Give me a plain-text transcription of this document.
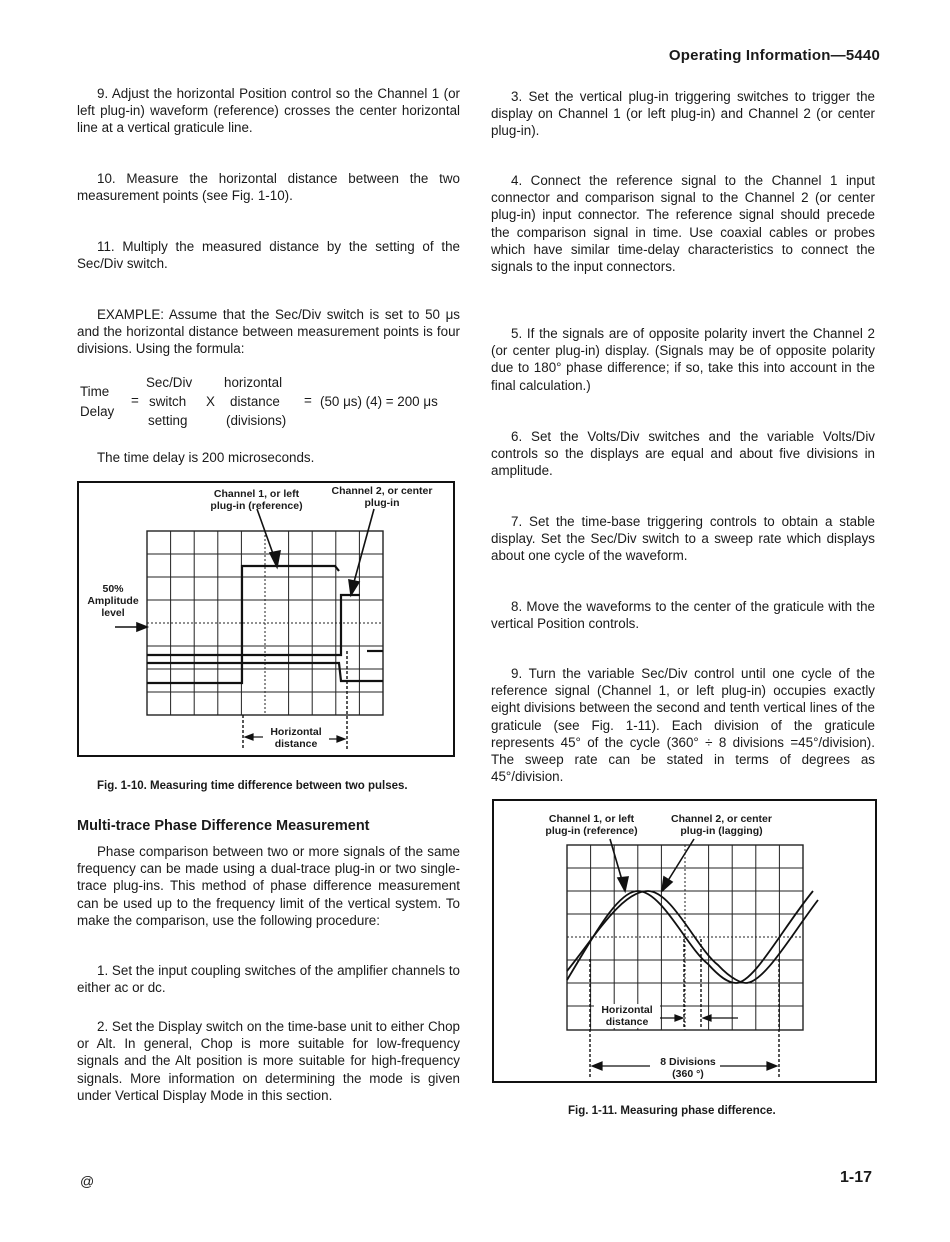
Operating Information—5440

9. Adjust the horizontal Position control so the Channel 1 (or left plug-in) waveform (reference) crosses the center horizontal line at a vertical graticule line.

10. Measure the horizontal distance between the two measurement points (see Fig. 1-10).

11. Multiply the measured distance by the setting of the Sec/Div switch.

EXAMPLE: Assume that the Sec/Div switch is set to 50 μs and the horizontal distance between measurement points is four divisions. Using the formula:

Time
Delay
=
Sec/Div
switch
setting
X
horizontal
distance
(divisions)
= (50 μs) (4) = 200 μs

The time delay is 200 microseconds.

Channel 1, or left
plug-in (reference)
Channel 2, or center
plug-in
50%
Amplitude
level
Horizontal
distance
Fig. 1-10. Measuring time difference between two pulses.
Multi-trace Phase Difference Measurement

Phase comparison between two or more signals of the same frequency can be made using a dual-trace plug-in or two single-trace plug-ins. This method of phase difference measurement can be used up to the frequency limit of the vertical system. To make the comparison, use the following procedure:

1. Set the input coupling switches of the amplifier channels to either ac or dc.

2. Set the Display switch on the time-base unit to either Chop or Alt. In general, Chop is more suitable for low-frequency signals and the Alt position is more suitable for high-frequency signals. More information on determining the mode is given under Vertical Display Mode in this section.

3. Set the vertical plug-in triggering switches to trigger the display on Channel 1 (or left plug-in) and Channel 2 (or center plug-in).

4. Connect the reference signal to the Channel 1 input connector and comparison signal to the Channel 2 (or center plug-in) input connector. The reference signal should precede the comparison signal in time. Use coaxial cables or probes which have similar time-delay characteristics to connect the signals to the input connectors.

5. If the signals are of opposite polarity invert the Channel 2 (or center plug-in) display. (Signals may be of opposite polarity due to 180° phase difference; if so, take this into account in the final calculation.)

6. Set the Volts/Div switches and the variable Volts/Div controls so the displays are equal and about five divisions in amplitude.

7. Set the time-base triggering controls to obtain a stable display. Set the Sec/Div switch to a sweep rate which displays about one cycle of the waveform.

8. Move the waveforms to the center of the graticule with the vertical Position controls.

9. Turn the variable Sec/Div control until one cycle of the reference signal (Channel 1, or left plug-in) occupies exactly eight divisions between the second and tenth vertical lines of the graticule (see Fig. 1-11). Each division of the graticule represents 45° of the cycle (360° ÷ 8 divisions =45°/division). The sweep rate can be stated in terms of degrees as 45°/division.

Channel 1, or left
plug-in (reference)
Channel 2, or center
plug-in (lagging)
Horizontal
distance
8 Divisions
(360 °)
Fig. 1-11. Measuring phase difference.
@	1-17
